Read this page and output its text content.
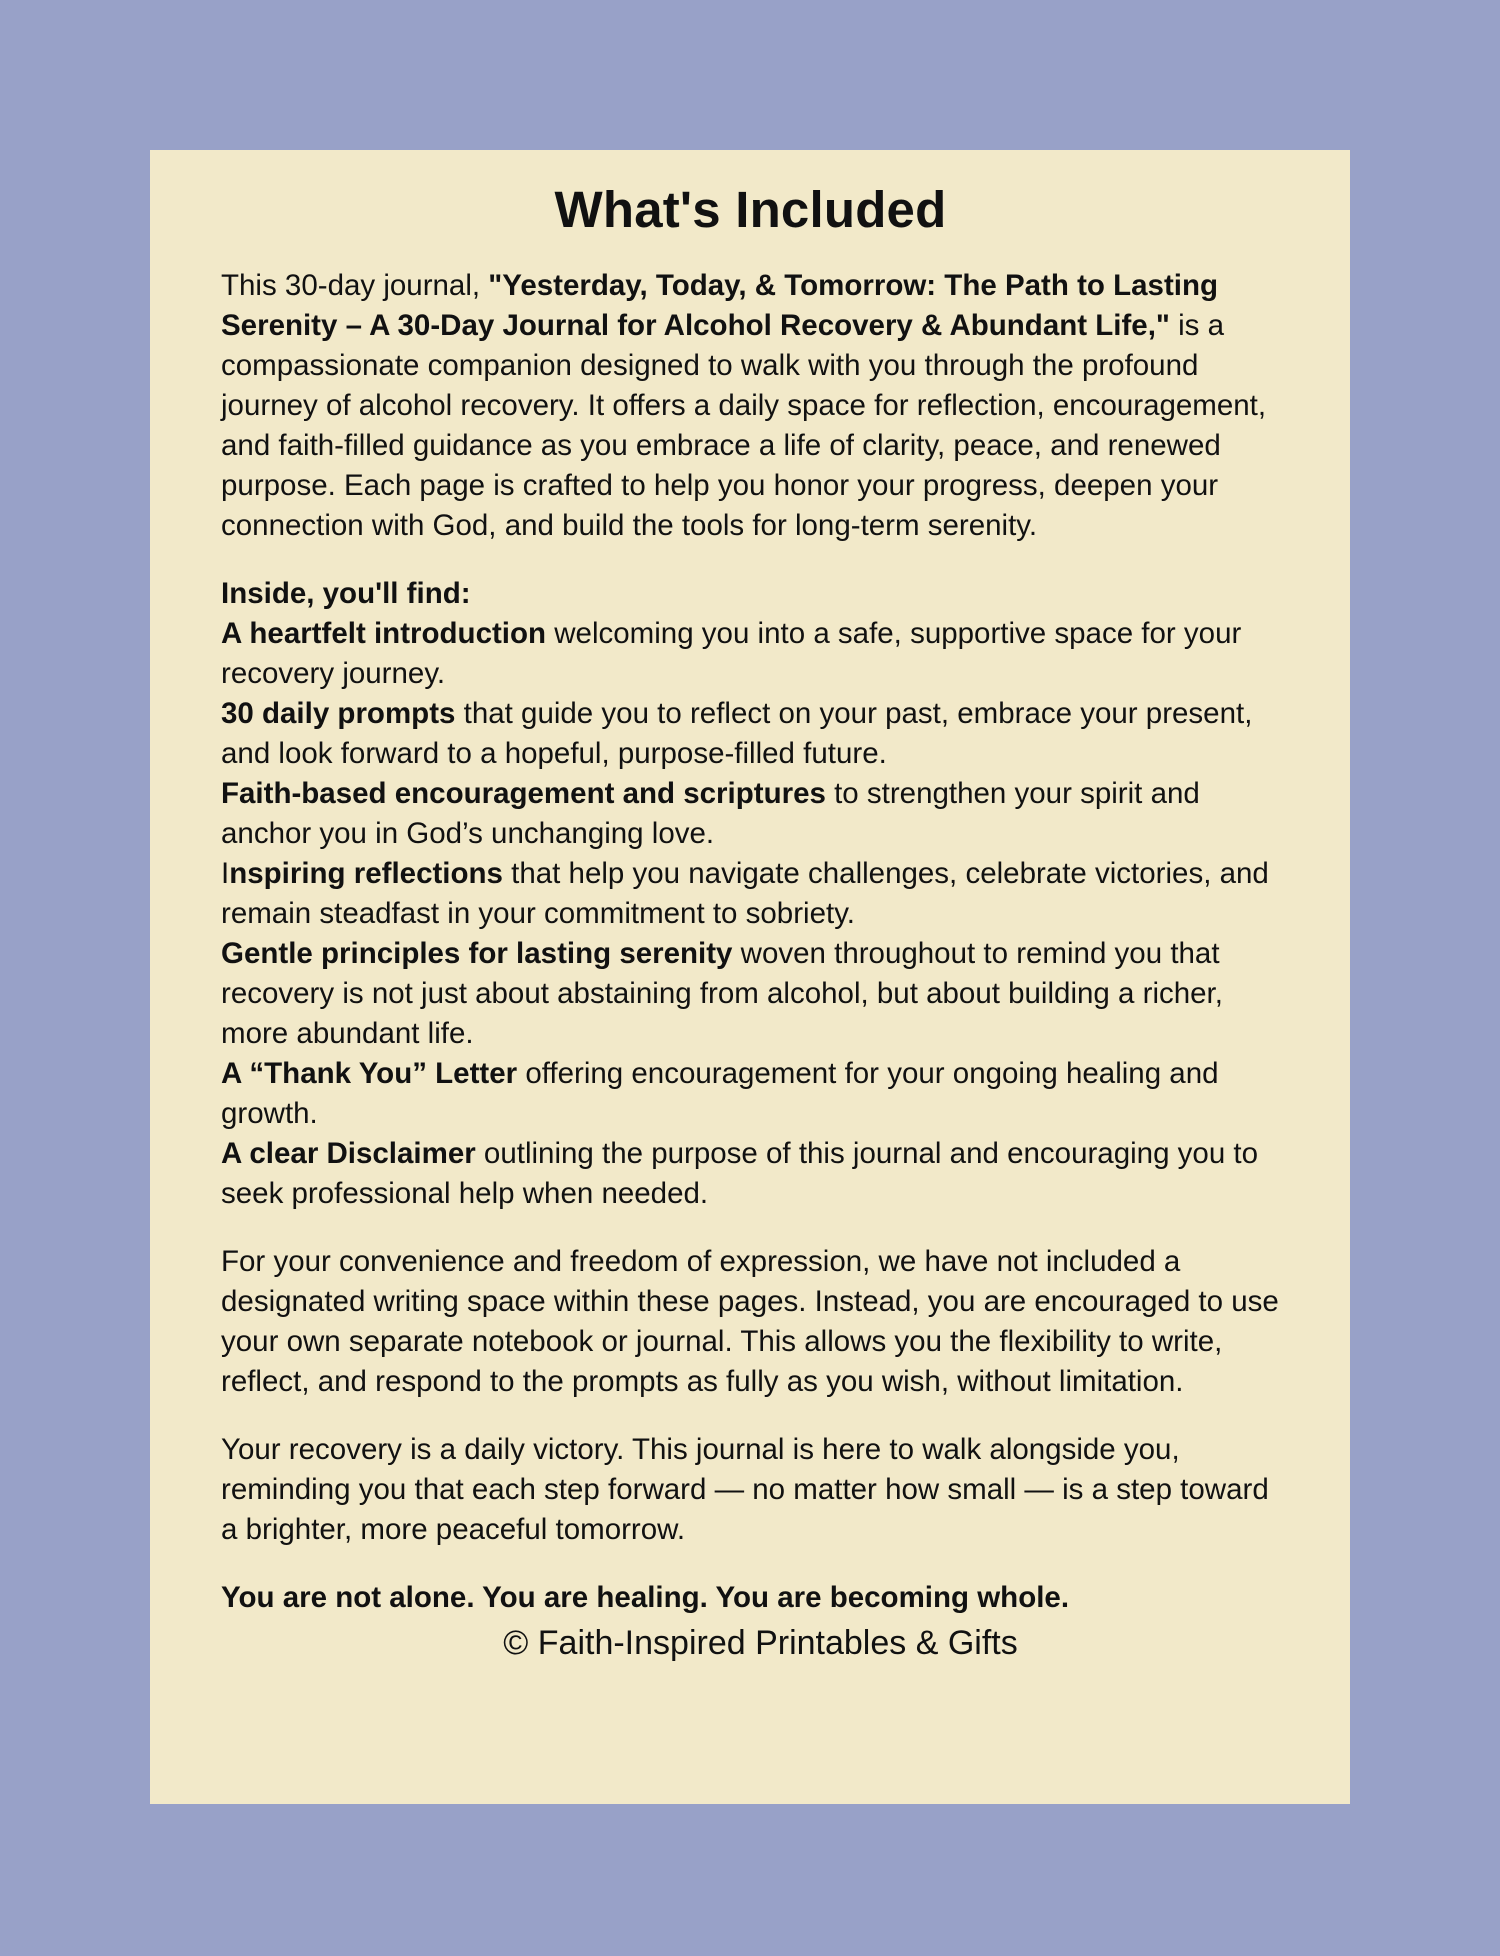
What's Included

This 30-day journal, "Yesterday, Today, & Tomorrow: The Path to Lasting Serenity – A 30-Day Journal for Alcohol Recovery & Abundant Life," is a compassionate companion designed to walk with you through the profound journey of alcohol recovery. It offers a daily space for reflection, encouragement, and faith-filled guidance as you embrace a life of clarity, peace, and renewed purpose. Each page is crafted to help you honor your progress, deepen your connection with God, and build the tools for long-term serenity.

Inside, you'll find:

A heartfelt introduction welcoming you into a safe, supportive space for your recovery journey.

30 daily prompts that guide you to reflect on your past, embrace your present, and look forward to a hopeful, purpose-filled future.

Faith-based encouragement and scriptures to strengthen your spirit and anchor you in God’s unchanging love.

Inspiring reflections that help you navigate challenges, celebrate victories, and remain steadfast in your commitment to sobriety.

Gentle principles for lasting serenity woven throughout to remind you that recovery is not just about abstaining from alcohol, but about building a richer, more abundant life.

A “Thank You” Letter offering encouragement for your ongoing healing and growth.

A clear Disclaimer outlining the purpose of this journal and encouraging you to seek professional help when needed.

For your convenience and freedom of expression, we have not included a designated writing space within these pages. Instead, you are encouraged to use your own separate notebook or journal. This allows you the flexibility to write, reflect, and respond to the prompts as fully as you wish, without limitation.

Your recovery is a daily victory. This journal is here to walk alongside you, reminding you that each step forward — no matter how small — is a step toward a brighter, more peaceful tomorrow.

You are not alone. You are healing. You are becoming whole.

© Faith-Inspired Printables & Gifts
